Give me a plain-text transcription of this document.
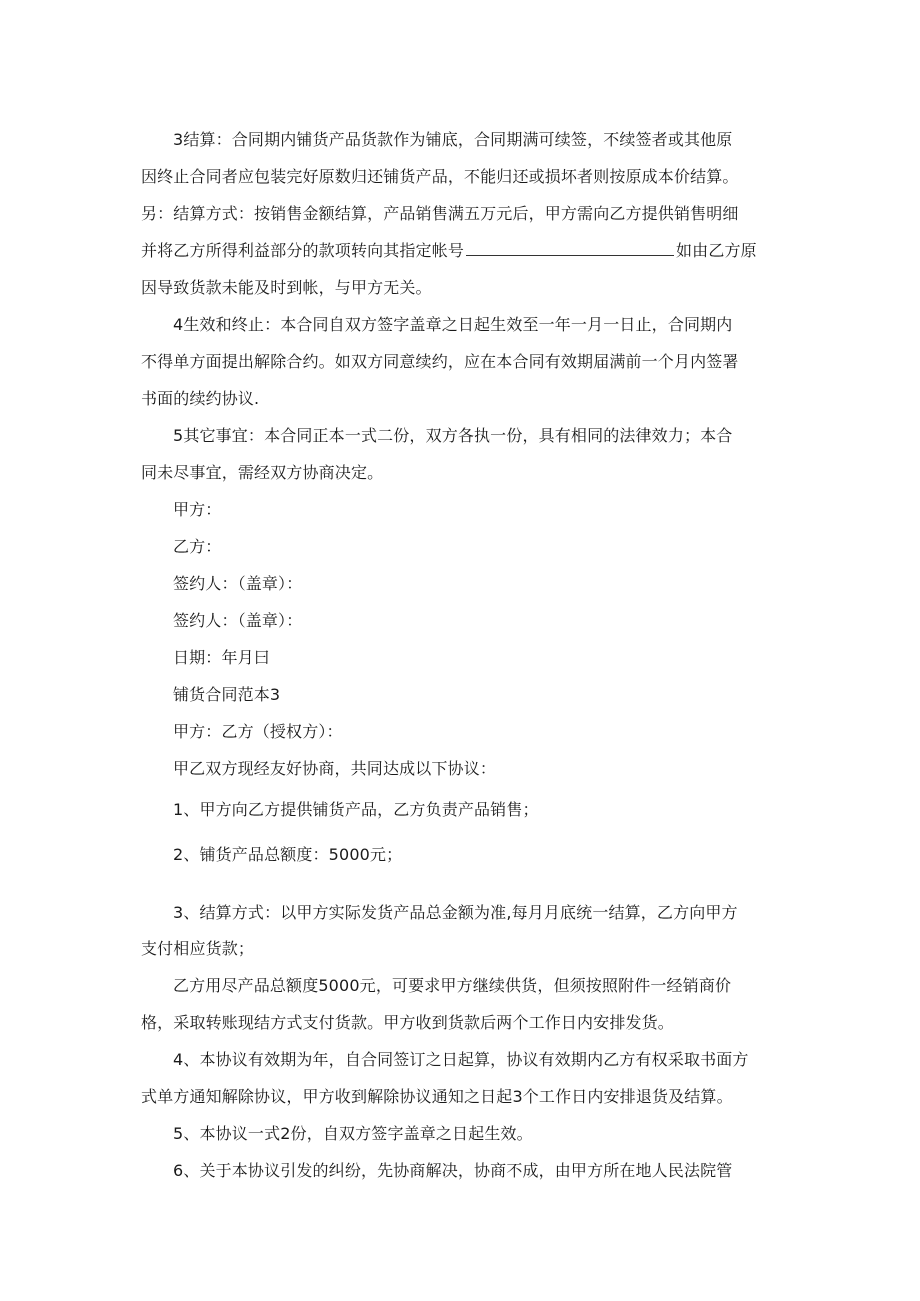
3结算：合同期内铺货产品货款作为铺底，合同期满可续签，不续签者或其他原
因终止合同者应包装完好原数归还铺货产品，不能归还或损坏者则按原成本价结算。
另：结算方式：按销售金额结算，产品销售满五万元后，甲方需向乙方提供销售明细
并将乙方所得利益部分的款项转向其指定帐号	如由乙方原
因导致货款未能及时到帐，与甲方无关。
4生效和终止：本合同自双方签字盖章之日起生效至一年一月一日止，合同期内
不得单方面提出解除合约。如双方同意续约，应在本合同有效期届满前一个月内签署
书面的续约协议.
5其它事宜：本合同正本一式二份，双方各执一份，具有相同的法律效力；本合
同未尽事宜，需经双方协商决定。
甲方：
乙方：
签约人：（盖章）：
签约人：（盖章）：
日期：年月曰
铺货合同范本3
甲方：乙方（授权方）：
甲乙双方现经友好协商，共同达成以下协议：
1、甲方向乙方提供铺货产品，乙方负责产品销售；
2、铺货产品总额度：5000元；
3、结算方式：以甲方实际发货产品总金额为准,每月月底统一结算，乙方向甲方
支付相应货款；
乙方用尽产品总额度5000元，可要求甲方继续供货，但须按照附件一经销商价
格，采取转账现结方式支付货款。甲方收到货款后两个工作日内安排发货。
4、本协议有效期为年，自合同签订之日起算，协议有效期内乙方有权采取书面方
式单方通知解除协议，甲方收到解除协议通知之日起3个工作日内安排退货及结算。
5、本协议一式2份，自双方签字盖章之日起生效。
6、关于本协议引发的纠纷，先协商解决，协商不成，由甲方所在地人民法院管
